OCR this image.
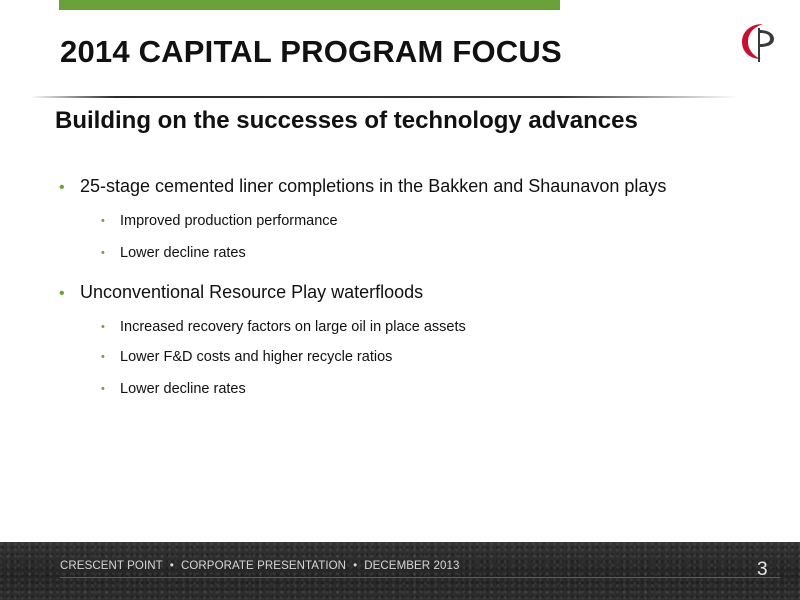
2014 CAPITAL PROGRAM FOCUS
Building on the successes of technology advances
• 25-stage cemented liner completions in the Bakken and Shaunavon plays
• Improved production performance
• Lower decline rates
• Unconventional Resource Play waterfloods
• Increased recovery factors on large oil in place assets
• Lower F&D costs and higher recycle ratios
• Lower decline rates
CRESCENT POINT • CORPORATE PRESENTATION • DECEMBER 2013	3
